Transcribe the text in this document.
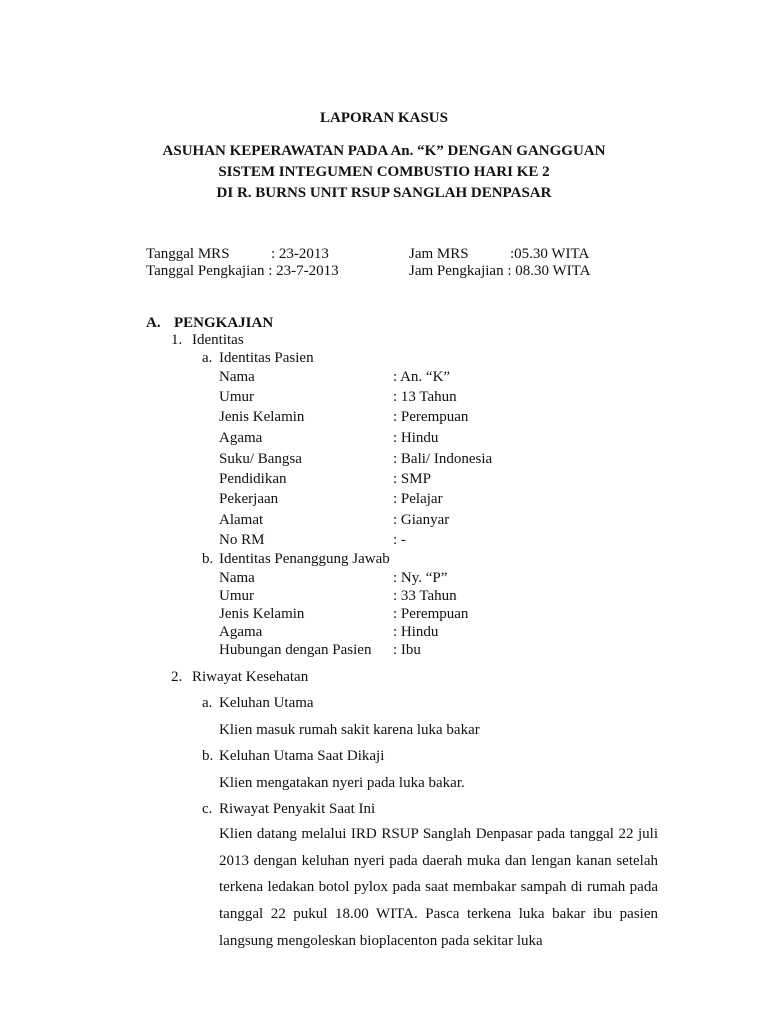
LAPORAN KASUS
ASUHAN KEPERAWATAN PADA An. “K” DENGAN GANGGUAN
SISTEM INTEGUMEN COMBUSTIO HARI KE 2
DI R. BURNS UNIT RSUP SANGLAH DENPASAR
Tanggal MRS	: 23-2013	Jam MRS	:05.30 WITA
Tanggal Pengkajian : 23-7-2013	Jam Pengkajian : 08.30 WITA
A. PENGKAJIAN
1. Identitas
a. Identitas Pasien
Nama	: An. “K”
Umur	: 13 Tahun
Jenis Kelamin	: Perempuan
Agama	: Hindu
Suku/ Bangsa	: Bali/ Indonesia
Pendidikan	: SMP
Pekerjaan	: Pelajar
Alamat	: Gianyar
No RM	: -
b. Identitas Penanggung Jawab
Nama	: Ny. “P”
Umur	: 33 Tahun
Jenis Kelamin	: Perempuan
Agama	: Hindu
Hubungan dengan Pasien : Ibu
2. Riwayat Kesehatan
a. Keluhan Utama
Klien masuk rumah sakit karena luka bakar
b. Keluhan Utama Saat Dikaji
Klien mengatakan nyeri pada luka bakar.
c. Riwayat Penyakit Saat Ini
Klien datang melalui IRD RSUP Sanglah Denpasar pada tanggal 22 juli 2013 dengan keluhan nyeri pada daerah muka dan lengan kanan setelah terkena ledakan botol pylox pada saat membakar sampah di rumah pada tanggal 22 pukul 18.00 WITA. Pasca terkena luka bakar ibu pasien langsung mengoleskan bioplacenton pada sekitar luka
